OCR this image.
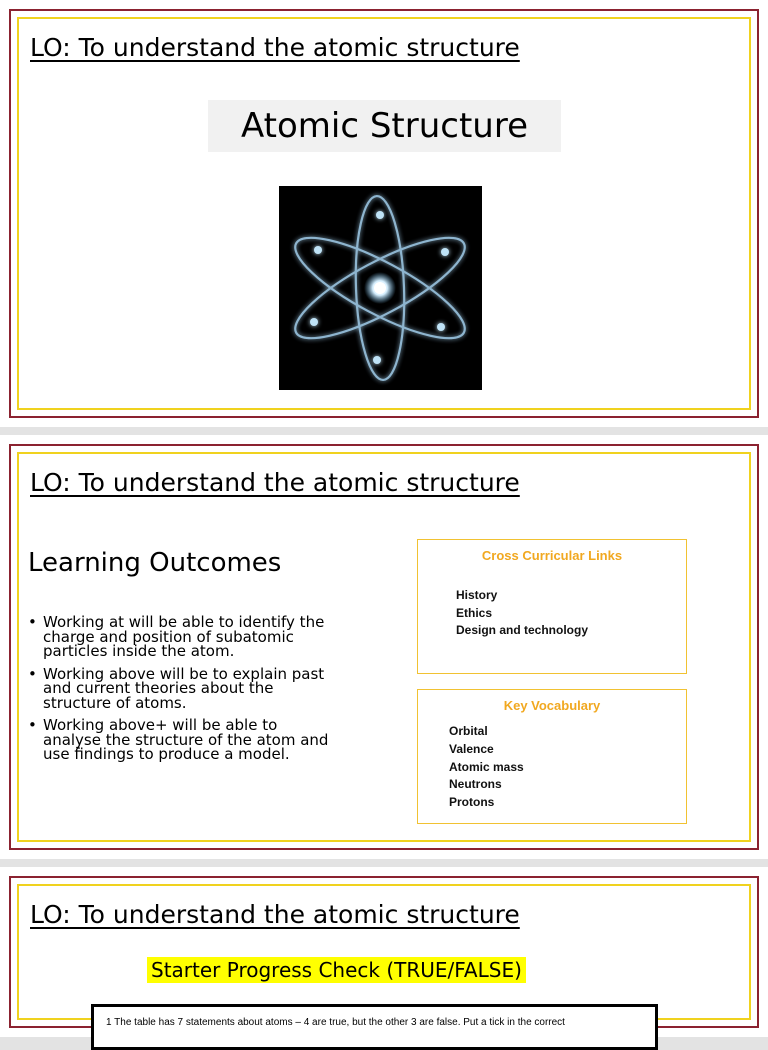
LO: To understand the atomic structure
Atomic Structure
LO: To understand the atomic structure
Learning Outcomes
• Working at will be able to identify the charge and position of subatomic particles inside the atom.
• Working above will be to explain past and current theories about the structure of atoms.
• Working above+ will be able to analyse the structure of the atom and use findings to produce a model.
Cross Curricular Links
History
Ethics
Design and technology
Key Vocabulary
Orbital
Valence
Atomic mass
Neutrons
Protons
LO: To understand the atomic structure
Starter Progress Check (TRUE/FALSE)
1 The table has 7 statements about atoms – 4 are true, but the other 3 are false. Put a tick in the correct
